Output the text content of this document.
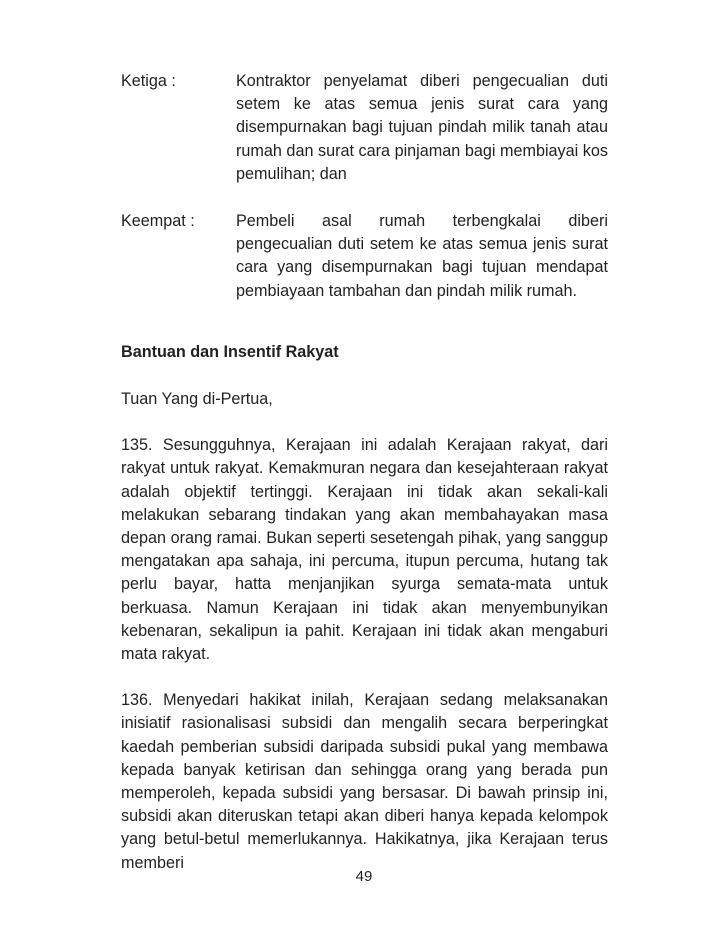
Ketiga :	Kontraktor penyelamat diberi pengecualian duti setem ke atas semua jenis surat cara yang disempurnakan bagi tujuan pindah milik tanah atau rumah dan surat cara pinjaman bagi membiayai kos pemulihan; dan
Keempat :	Pembeli asal rumah terbengkalai diberi pengecualian duti setem ke atas semua jenis surat cara yang disempurnakan bagi tujuan mendapat pembiayaan tambahan dan pindah milik rumah.
Bantuan dan Insentif Rakyat
Tuan Yang di-Pertua,
135. Sesungguhnya, Kerajaan ini adalah Kerajaan rakyat, dari rakyat untuk rakyat. Kemakmuran negara dan kesejahteraan rakyat adalah objektif tertinggi. Kerajaan ini tidak akan sekali-kali melakukan sebarang tindakan yang akan membahayakan masa depan orang ramai. Bukan seperti sesetengah pihak, yang sanggup mengatakan apa sahaja, ini percuma, itupun percuma, hutang tak perlu bayar, hatta menjanjikan syurga semata-mata untuk berkuasa. Namun Kerajaan ini tidak akan menyembunyikan kebenaran, sekalipun ia pahit. Kerajaan ini tidak akan mengaburi mata rakyat.
136. Menyedari hakikat inilah, Kerajaan sedang melaksanakan inisiatif rasionalisasi subsidi dan mengalih secara berperingkat kaedah pemberian subsidi daripada subsidi pukal yang membawa kepada banyak ketirisan dan sehingga orang yang berada pun memperoleh, kepada subsidi yang bersasar. Di bawah prinsip ini, subsidi akan diteruskan tetapi akan diberi hanya kepada kelompok yang betul-betul memerlukannya. Hakikatnya, jika Kerajaan terus memberi
49
